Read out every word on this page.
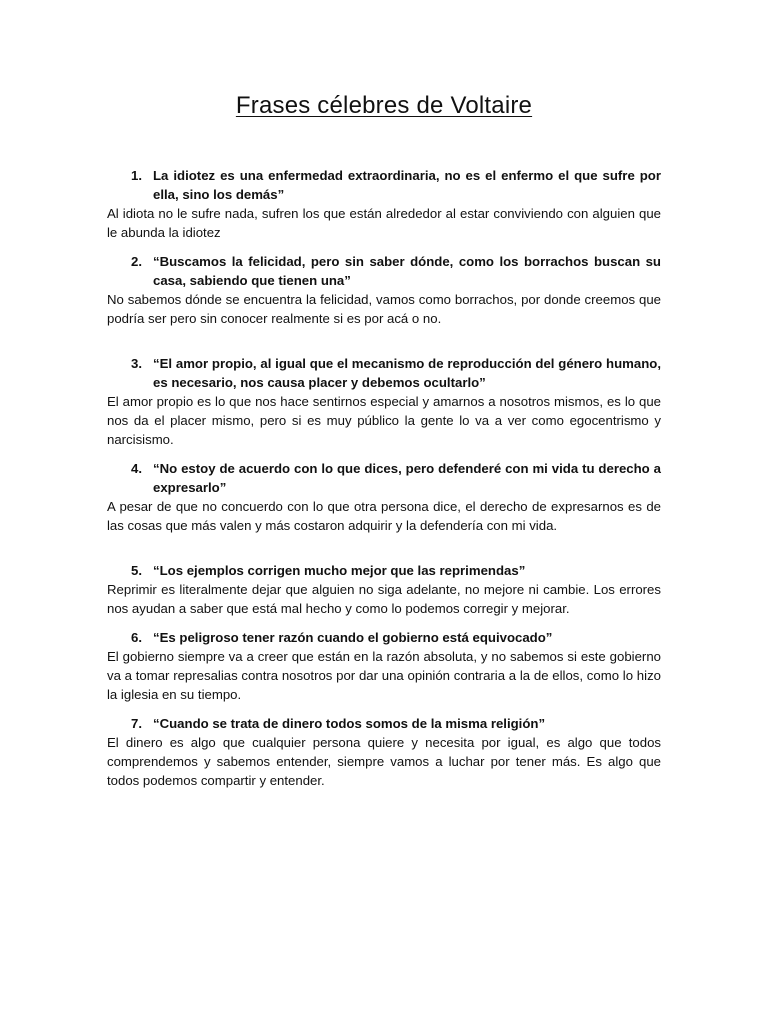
Frases célebres de Voltaire
1. La idiotez es una enfermedad extraordinaria, no es el enfermo el que sufre por ella, sino los demás”

Al idiota no le sufre nada, sufren los que están alrededor al estar conviviendo con alguien que le abunda la idiotez

2. “Buscamos la felicidad, pero sin saber dónde, como los borrachos buscan su casa, sabiendo que tienen una”

No sabemos dónde se encuentra la felicidad, vamos como borrachos, por donde creemos que podría ser pero sin conocer realmente si es por acá o no.

3. “El amor propio, al igual que el mecanismo de reproducción del género humano, es necesario, nos causa placer y debemos ocultarlo”

El amor propio es lo que nos hace sentirnos especial y amarnos a nosotros mismos, es lo que nos da el placer mismo, pero si es muy público la gente lo va a ver como egocentrismo y narcisismo.

4. “No estoy de acuerdo con lo que dices, pero defenderé con mi vida tu derecho a expresarlo”

A pesar de que no concuerdo con lo que otra persona dice, el derecho de expresarnos es de las cosas que más valen y más costaron adquirir y la defendería con mi vida.

5. “Los ejemplos corrigen mucho mejor que las reprimendas”

Reprimir es literalmente dejar que alguien no siga adelante, no mejore ni cambie. Los errores nos ayudan a saber que está mal hecho y como lo podemos corregir y mejorar.

6. “Es peligroso tener razón cuando el gobierno está equivocado”

El gobierno siempre va a creer que están en la razón absoluta, y no sabemos si este gobierno va a tomar represalias contra nosotros por dar una opinión contraria a la de ellos, como lo hizo la iglesia en su tiempo.

7. “Cuando se trata de dinero todos somos de la misma religión”

El dinero es algo que cualquier persona quiere y necesita por igual, es algo que todos comprendemos y sabemos entender, siempre vamos a luchar por tener más. Es algo que todos podemos compartir y entender.
